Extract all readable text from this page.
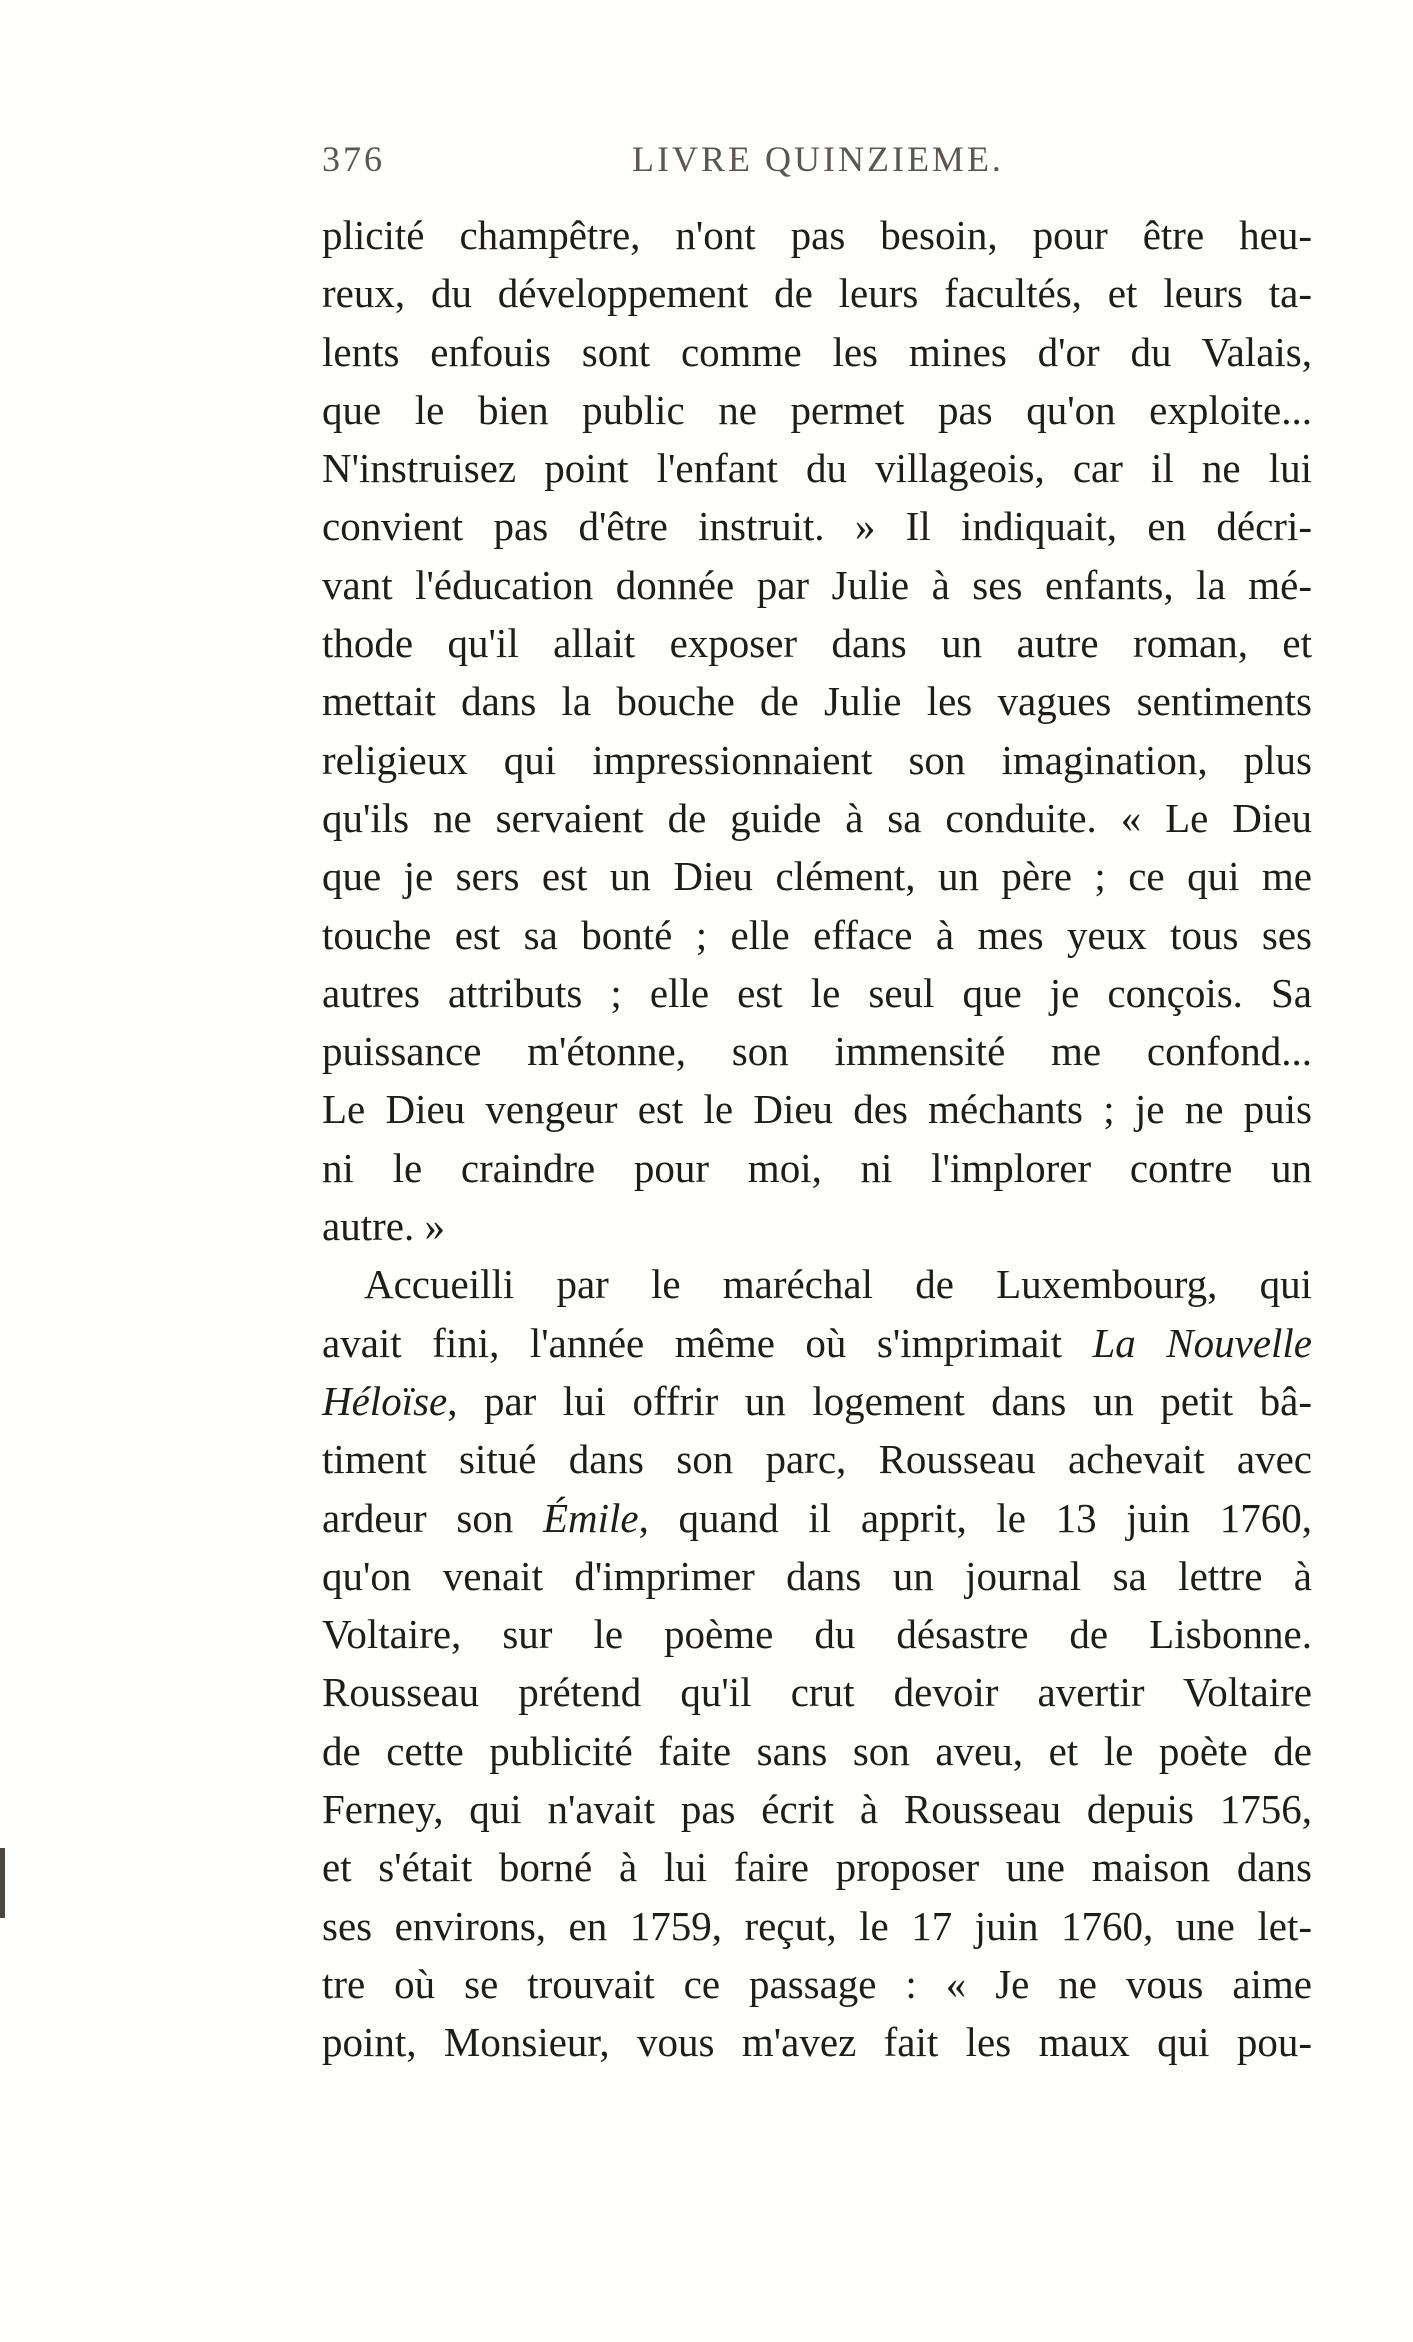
376	LIVRE QUINZIEME.
plicité champêtre, n'ont pas besoin, pour être heu-
reux, du développement de leurs facultés, et leurs ta-
lents enfouis sont comme les mines d'or du Valais,
que le bien public ne permet pas qu'on exploite...
N'instruisez point l'enfant du villageois, car il ne lui
convient pas d'être instruit. » Il indiquait, en décri-
vant l'éducation donnée par Julie à ses enfants, la mé-
thode qu'il allait exposer dans un autre roman, et
mettait dans la bouche de Julie les vagues sentiments
religieux qui impressionnaient son imagination, plus
qu'ils ne servaient de guide à sa conduite. « Le Dieu
que je sers est un Dieu clément, un père ; ce qui me
touche est sa bonté ; elle efface à mes yeux tous ses
autres attributs ; elle est le seul que je conçois. Sa
puissance m'étonne, son immensité me confond...
Le Dieu vengeur est le Dieu des méchants ; je ne puis
ni le craindre pour moi, ni l'implorer contre un
autre. »
Accueilli par le maréchal de Luxembourg, qui
avait fini, l'année même où s'imprimait La Nouvelle
Héloïse, par lui offrir un logement dans un petit bâ-
timent situé dans son parc, Rousseau achevait avec
ardeur son Émile, quand il apprit, le 13 juin 1760,
qu'on venait d'imprimer dans un journal sa lettre à
Voltaire, sur le poème du désastre de Lisbonne.
Rousseau prétend qu'il crut devoir avertir Voltaire
de cette publicité faite sans son aveu, et le poète de
Ferney, qui n'avait pas écrit à Rousseau depuis 1756,
et s'était borné à lui faire proposer une maison dans
ses environs, en 1759, reçut, le 17 juin 1760, une let-
tre où se trouvait ce passage : « Je ne vous aime
point, Monsieur, vous m'avez fait les maux qui pou-
